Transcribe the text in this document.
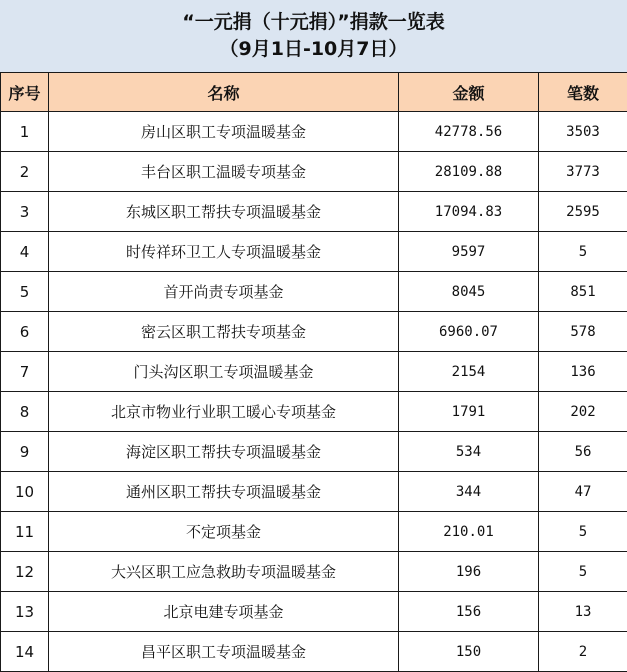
“一元捐（十元捐）”捐款一览表
（9月1日-10月7日）
序号	名称	金额	笔数
1	房山区职工专项温暖基金	42778.56	3503
2	丰台区职工温暖专项基金	28109.88	3773
3	东城区职工帮扶专项温暖基金	17094.83	2595
4	时传祥环卫工人专项温暖基金	9597	5
5	首开尚责专项基金	8045	851
6	密云区职工帮扶专项基金	6960.07	578
7	门头沟区职工专项温暖基金	2154	136
8	北京市物业行业职工暖心专项基金	1791	202
9	海淀区职工帮扶专项温暖基金	534	56
10	通州区职工帮扶专项温暖基金	344	47
11	不定项基金	210.01	5
12	大兴区职工应急救助专项温暖基金	196	5
13	北京电建专项基金	156	13
14	昌平区职工专项温暖基金	150	2
